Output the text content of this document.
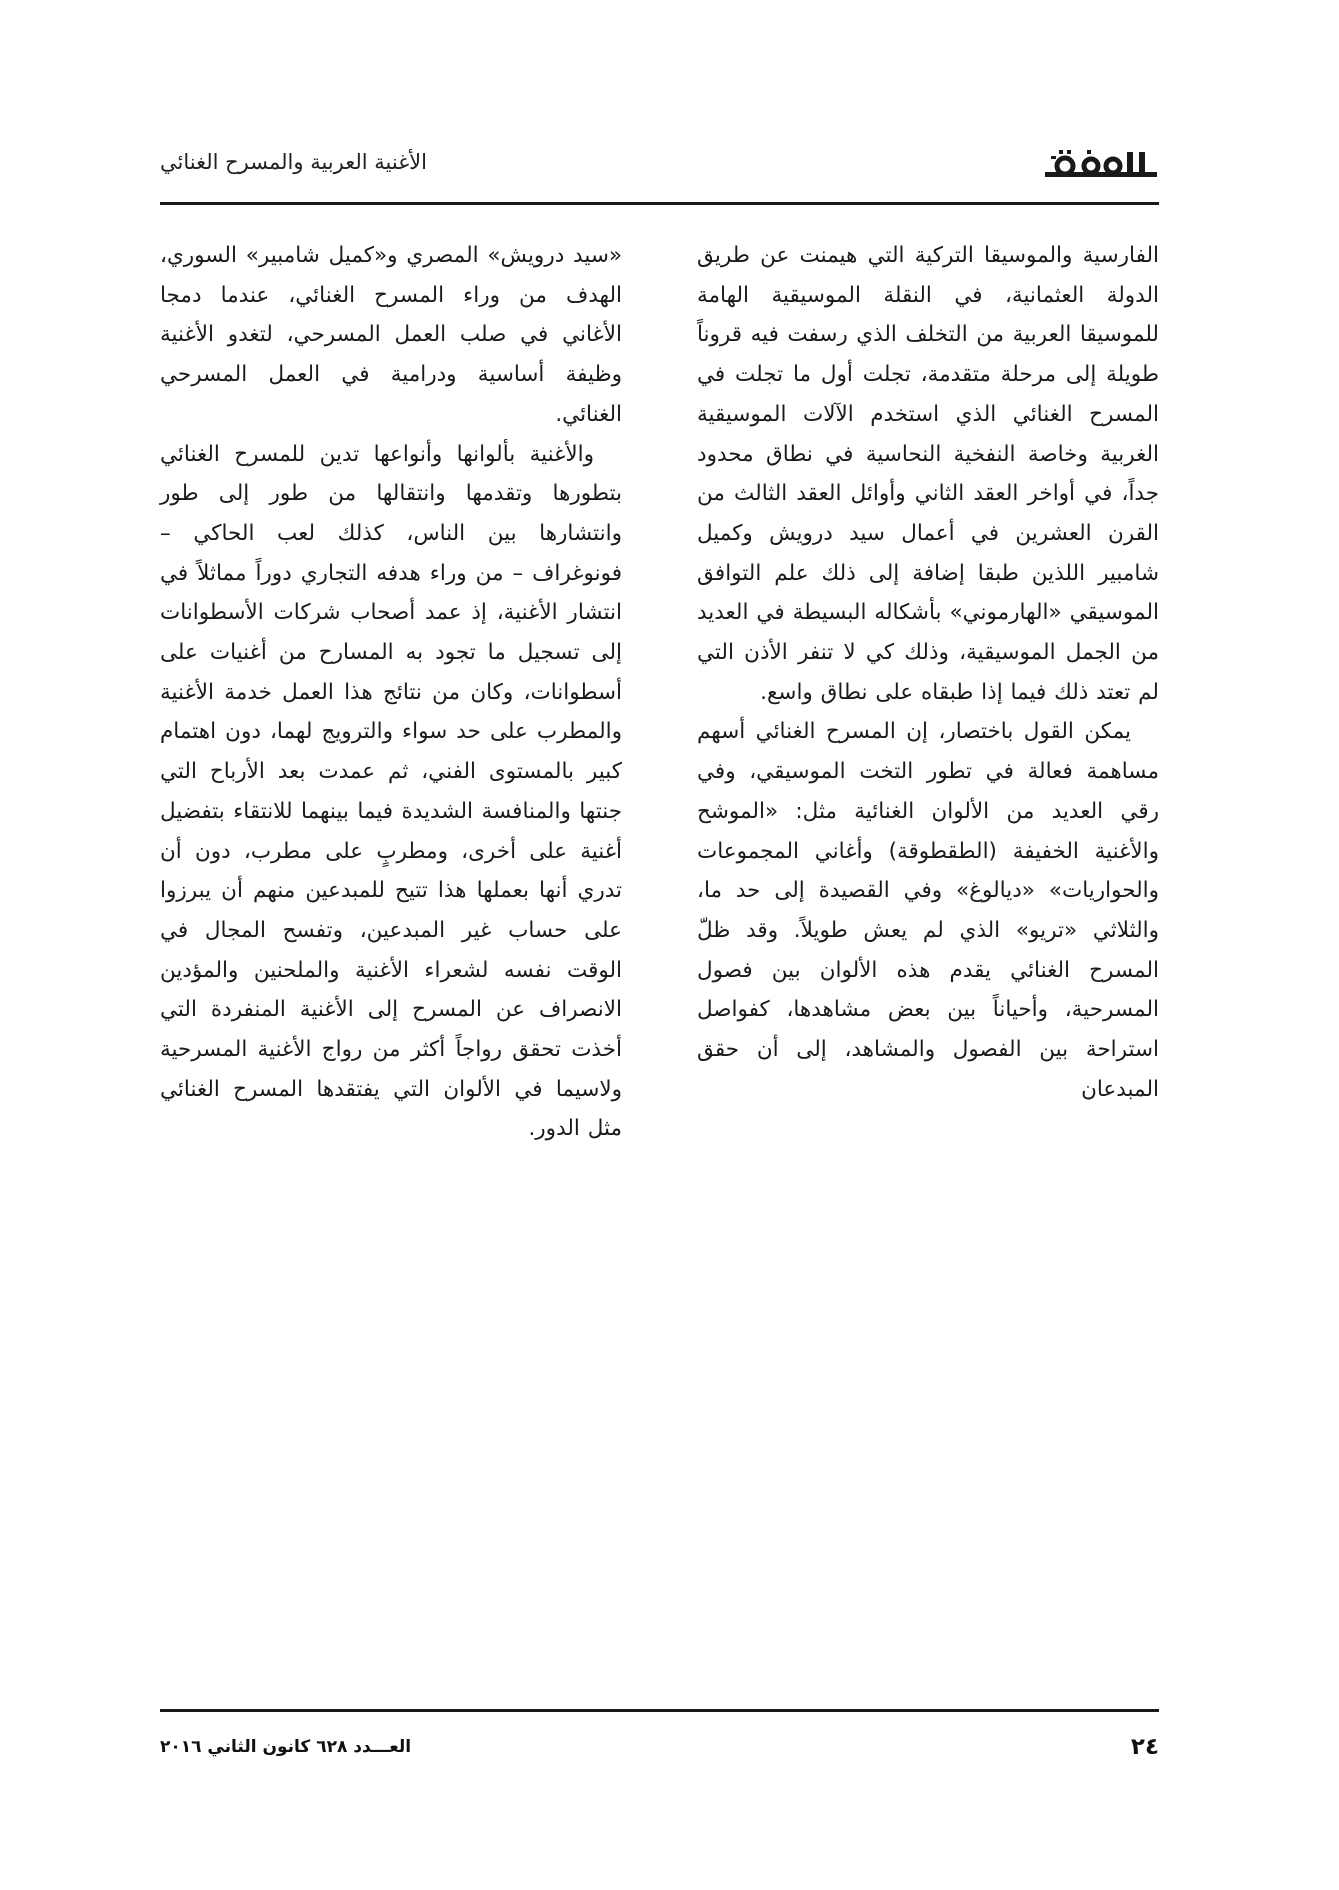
المعرفة
الأغنية العربية والمسرح الغنائي

الفارسية والموسيقا التركية التي هيمنت عن طريق الدولة العثمانية، في النقلة الموسيقية الهامة للموسيقا العربية من التخلف الذي رسفت فيه قروناً طويلة إلى مرحلة متقدمة، تجلت أول ما تجلت في المسرح الغنائي الذي استخدم الآلات الموسيقية الغربية وخاصة النفخية النحاسية في نطاق محدود جداً، في أواخر العقد الثاني وأوائل العقد الثالث من القرن العشرين في أعمال سيد درويش وكميل شامبير اللذين طبقا إضافة إلى ذلك علم التوافق الموسيقي «الهارموني» بأشكاله البسيطة في العديد من الجمل الموسيقية، وذلك كي لا تنفر الأذن التي لم تعتد ذلك فيما إذا طبقاه على نطاق واسع.

يمكن القول باختصار، إن المسرح الغنائي أسهم مساهمة فعالة في تطور التخت الموسيقي، وفي رقي العديد من الألوان الغنائية مثل: «الموشح والأغنية الخفيفة (الطقطوقة) وأغاني المجموعات والحواريات» «ديالوغ» وفي القصيدة إلى حد ما، والثلاثي «تريو» الذي لم يعش طويلاً. وقد ظلّ المسرح الغنائي يقدم هذه الألوان بين فصول المسرحية، وأحياناً بين بعض مشاهدها، كفواصل استراحة بين الفصول والمشاهد، إلى أن حقق المبدعان

«سيد درويش» المصري و«كميل شامبير» السوري، الهدف من وراء المسرح الغنائي، عندما دمجا الأغاني في صلب العمل المسرحي، لتغدو الأغنية وظيفة أساسية ودرامية في العمل المسرحي الغنائي.

والأغنية بألوانها وأنواعها تدين للمسرح الغنائي بتطورها وتقدمها وانتقالها من طور إلى طور وانتشارها بين الناس، كذلك لعب الحاكي – فونوغراف – من وراء هدفه التجاري دوراً مماثلاً في انتشار الأغنية، إذ عمد أصحاب شركات الأسطوانات إلى تسجيل ما تجود به المسارح من أغنيات على أسطوانات، وكان من نتائج هذا العمل خدمة الأغنية والمطرب على حد سواء والترويج لهما، دون اهتمام كبير بالمستوى الفني، ثم عمدت بعد الأرباح التي جنتها والمنافسة الشديدة فيما بينهما للانتقاء بتفضيل أغنية على أخرى، ومطربٍ على مطرب، دون أن تدري أنها بعملها هذا تتيح للمبدعين منهم أن يبرزوا على حساب غير المبدعين، وتفسح المجال في الوقت نفسه لشعراء الأغنية والملحنين والمؤدين الانصراف عن المسرح إلى الأغنية المنفردة التي أخذت تحقق رواجاً أكثر من رواج الأغنية المسرحية ولاسيما في الألوان التي يفتقدها المسرح الغنائي مثل الدور.

٢٤
العـــدد ٦٢٨ كانون الثاني ٢٠١٦
